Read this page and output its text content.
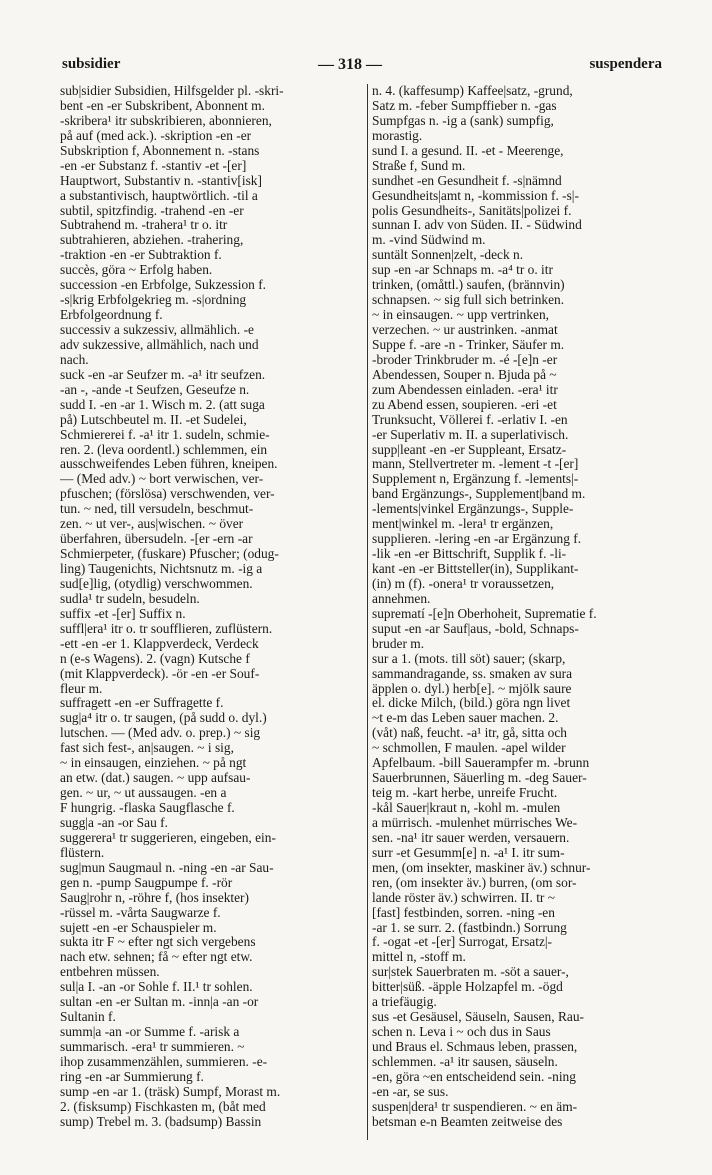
subsidier	— 318 —	suspendera
sub|sidier Subsidien, Hilfsgelder pl. -skri-
bent -en -er Subskribent, Abonnent m.
-skribera¹ itr subskribieren, abonnieren,
på auf (med ack.). -skription -en -er
Subskription f, Abonnement n. -stans
-en -er Substanz f. -stantiv -et -[er]
Hauptwort, Substantiv n. -stantiv[isk]
a substantivisch, hauptwörtlich. -til a
subtil, spitzfindig. -trahend -en -er
Subtrahend m. -trahera¹ tr o. itr
subtrahieren, abziehen. -trahering,
-traktion -en -er Subtraktion f.
succès, göra ~ Erfolg haben.
succession -en Erbfolge, Sukzession f.
-s|krig Erbfolgekrieg m. -s|ordning
Erbfolgeordnung f.
successiv a sukzessiv, allmählich. -e
adv sukzessive, allmählich, nach und
nach.
suck -en -ar Seufzer m. -a¹ itr seufzen.
-an -, -ande -t Seufzen, Geseufze n.
sudd I. -en -ar 1. Wisch m. 2. (att suga
på) Lutschbeutel m. II. -et Sudelei,
Schmiererei f. -a¹ itr 1. sudeln, schmie-
ren. 2. (leva oordentl.) schlemmen, ein
ausschweifendes Leben führen, kneipen.
— (Med adv.) ~ bort verwischen, ver-
pfuschen; (förslösa) verschwenden, ver-
tun. ~ ned, till versudeln, beschmut-
zen. ~ ut ver-, aus|wischen. ~ över
überfahren, übersudeln. -[er -ern -ar
Schmierpeter, (fuskare) Pfuscher; (odug-
ling) Taugenichts, Nichtsnutz m. -ig a
sud[e]lig, (otydlig) verschwommen.
sudla¹ tr sudeln, besudeln.
suffix -et -[er] Suffix n.
suffl|era¹ itr o. tr soufflieren, zuflüstern.
-ett -en -er 1. Klappverdeck, Verdeck
n (e-s Wagens). 2. (vagn) Kutsche f
(mit Klappverdeck). -ör -en -er Souf-
fleur m.
suffragett -en -er Suffragette f.
sug|a⁴ itr o. tr saugen, (på sudd o. dyl.)
lutschen. — (Med adv. o. prep.) ~ sig
fast sich fest-, an|saugen. ~ i sig,
~ in einsaugen, einziehen. ~ på ngt
an etw. (dat.) saugen. ~ upp aufsau-
gen. ~ ur, ~ ut aussaugen. -en a
F hungrig. -flaska Saugflasche f.
sugg|a -an -or Sau f.
suggerera¹ tr suggerieren, eingeben, ein-
flüstern.
sug|mun Saugmaul n. -ning -en -ar Sau-
gen n. -pump Saugpumpe f. -rör
Saug|rohr n, -röhre f, (hos insekter)
-rüssel m. -vårta Saugwarze f.
sujett -en -er Schauspieler m.
sukta itr F ~ efter ngt sich vergebens
nach etw. sehnen; få ~ efter ngt etw.
entbehren müssen.
sul|a I. -an -or Sohle f. II.¹ tr sohlen.
sultan -en -er Sultan m. -inn|a -an -or
Sultanin f.
summ|a -an -or Summe f. -arisk a
summarisch. -era¹ tr summieren. ~
ihop zusammenzählen, summieren. -e-
ring -en -ar Summierung f.
sump -en -ar 1. (träsk) Sumpf, Morast m.
2. (fisksump) Fischkasten m, (båt med
sump) Trebel m. 3. (badsump) Bassin
n. 4. (kaffesump) Kaffee|satz, -grund,
Satz m. -feber Sumpffieber n. -gas
Sumpfgas n. -ig a (sank) sumpfig,
morastig.
sund I. a gesund. II. -et - Meerenge,
Straße f, Sund m.
sundhet -en Gesundheit f. -s|nämnd
Gesundheits|amt n, -kommission f. -s|-
polis Gesundheits-, Sanitäts|polizei f.
sunnan I. adv von Süden. II. - Südwind
m. -vind Südwind m.
suntält Sonnen|zelt, -deck n.
sup -en -ar Schnaps m. -a⁴ tr o. itr
trinken, (omåttl.) saufen, (brännvin)
schnapsen. ~ sig full sich betrinken.
~ in einsaugen. ~ upp vertrinken,
verzechen. ~ ur austrinken. -anmat
Suppe f. -are -n - Trinker, Säufer m.
-broder Trinkbruder m. -é -[e]n -er
Abendessen, Souper n. Bjuda på ~
zum Abendessen einladen. -era¹ itr
zu Abend essen, soupieren. -eri -et
Trunksucht, Völlerei f. -erlativ I. -en
-er Superlativ m. II. a superlativisch.
supp|leant -en -er Suppleant, Ersatz-
mann, Stellvertreter m. -lement -t -[er]
Supplement n, Ergänzung f. -lements|-
band Ergänzungs-, Supplement|band m.
-lements|vinkel Ergänzungs-, Supple-
ment|winkel m. -lera¹ tr ergänzen,
supplieren. -lering -en -ar Ergänzung f.
-lik -en -er Bittschrift, Supplik f. -li-
kant -en -er Bittsteller(in), Supplikant-
(in) m (f). -onera¹ tr voraussetzen,
annehmen.
suprematí -[e]n Oberhoheit, Suprematie f.
suput -en -ar Sauf|aus, -bold, Schnaps-
bruder m.
sur a 1. (mots. till söt) sauer; (skarp,
sammandragande, ss. smaken av sura
äpplen o. dyl.) herb[e]. ~ mjölk saure
el. dicke Milch, (bild.) göra ngn livet
~t e-m das Leben sauer machen. 2.
(våt) naß, feucht. -a¹ itr, gå, sitta och
~ schmollen, F maulen. -apel wilder
Apfelbaum. -bill Sauerampfer m. -brunn
Sauerbrunnen, Säuerling m. -deg Sauer-
teig m. -kart herbe, unreife Frucht.
-kål Sauer|kraut n, -kohl m. -mulen
a mürrisch. -mulenhet mürrisches We-
sen. -na¹ itr sauer werden, versauern.
surr -et Gesumm[e] n. -a¹ I. itr sum-
men, (om insekter, maskiner äv.) schnur-
ren, (om insekter äv.) burren, (om sor-
lande röster äv.) schwirren. II. tr ~
[fast] festbinden, sorren. -ning -en
-ar 1. se surr. 2. (fastbindn.) Sorrung
f. -ogat -et -[er] Surrogat, Ersatz|-
mittel n, -stoff m.
sur|stek Sauerbraten m. -söt a sauer-,
bitter|süß. -äpple Holzapfel m. -ögd
a triefäugig.
sus -et Gesäusel, Säuseln, Sausen, Rau-
schen n. Leva i ~ och dus in Saus
und Braus el. Schmaus leben, prassen,
schlemmen. -a¹ itr sausen, säuseln.
-en, göra ~en entscheidend sein. -ning
-en -ar, se sus.
suspen|dera¹ tr suspendieren. ~ en äm-
betsman e-n Beamten zeitweise des
